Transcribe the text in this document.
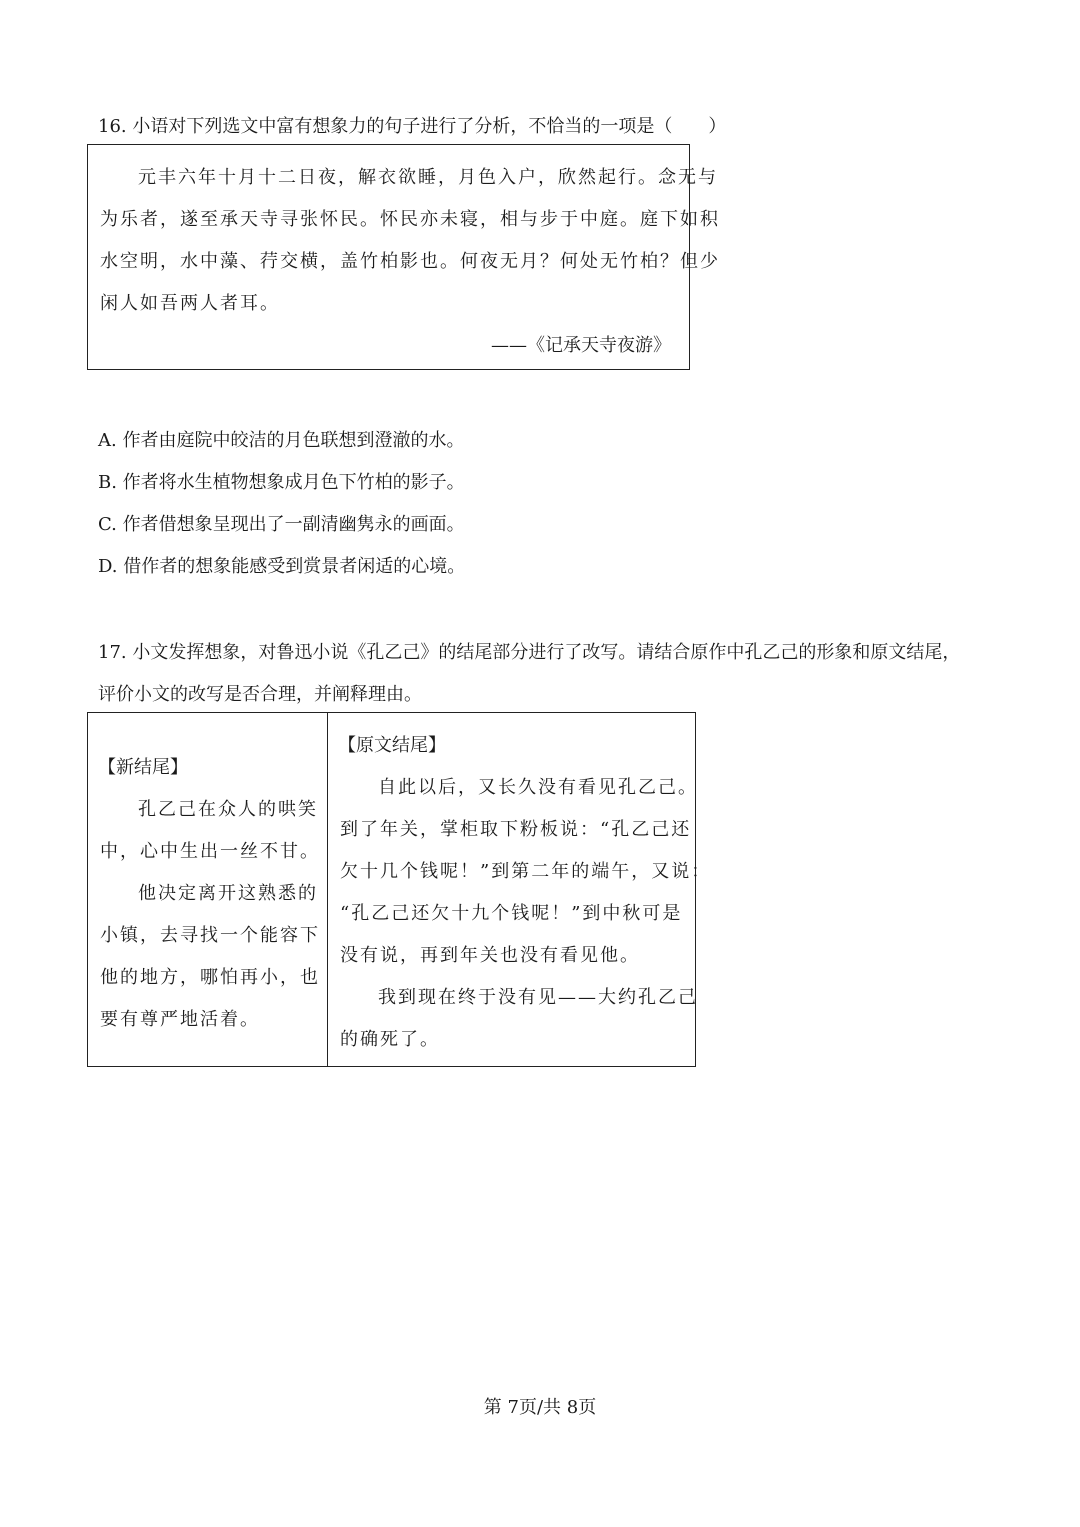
16. 小语对下列选文中富有想象力的句子进行了分析，不恰当的一项是（　　）
元丰六年十月十二日夜，解衣欲睡，月色入户，欣然起行。念无与
为乐者，遂至承天寺寻张怀民。怀民亦未寝，相与步于中庭。庭下如积
水空明，水中藻、荇交横，盖竹柏影也。何夜无月？何处无竹柏？但少
闲人如吾两人者耳。
——《记承天寺夜游》
A. 作者由庭院中皎洁的月色联想到澄澈的水。
B. 作者将水生植物想象成月色下竹柏的影子。
C. 作者借想象呈现出了一副清幽隽永的画面。
D. 借作者的想象能感受到赏景者闲适的心境。
17. 小文发挥想象，对鲁迅小说《孔乙己》的结尾部分进行了改写。请结合原作中孔乙己的形象和原文结尾，
评价小文的改写是否合理，并阐释理由。
【新结尾】
孔乙己在众人的哄笑
中，心中生出一丝不甘。
他决定离开这熟悉的
小镇，去寻找一个能容下
他的地方，哪怕再小，也
要有尊严地活着。
【原文结尾】
自此以后，又长久没有看见孔乙己。
到了年关，掌柜取下粉板说：“孔乙己还
欠十几个钱呢！”到第二年的端午，又说：
“孔乙己还欠十九个钱呢！”到中秋可是
没有说，再到年关也没有看见他。
我到现在终于没有见——大约孔乙己
的确死了。
第 7页/共 8页
